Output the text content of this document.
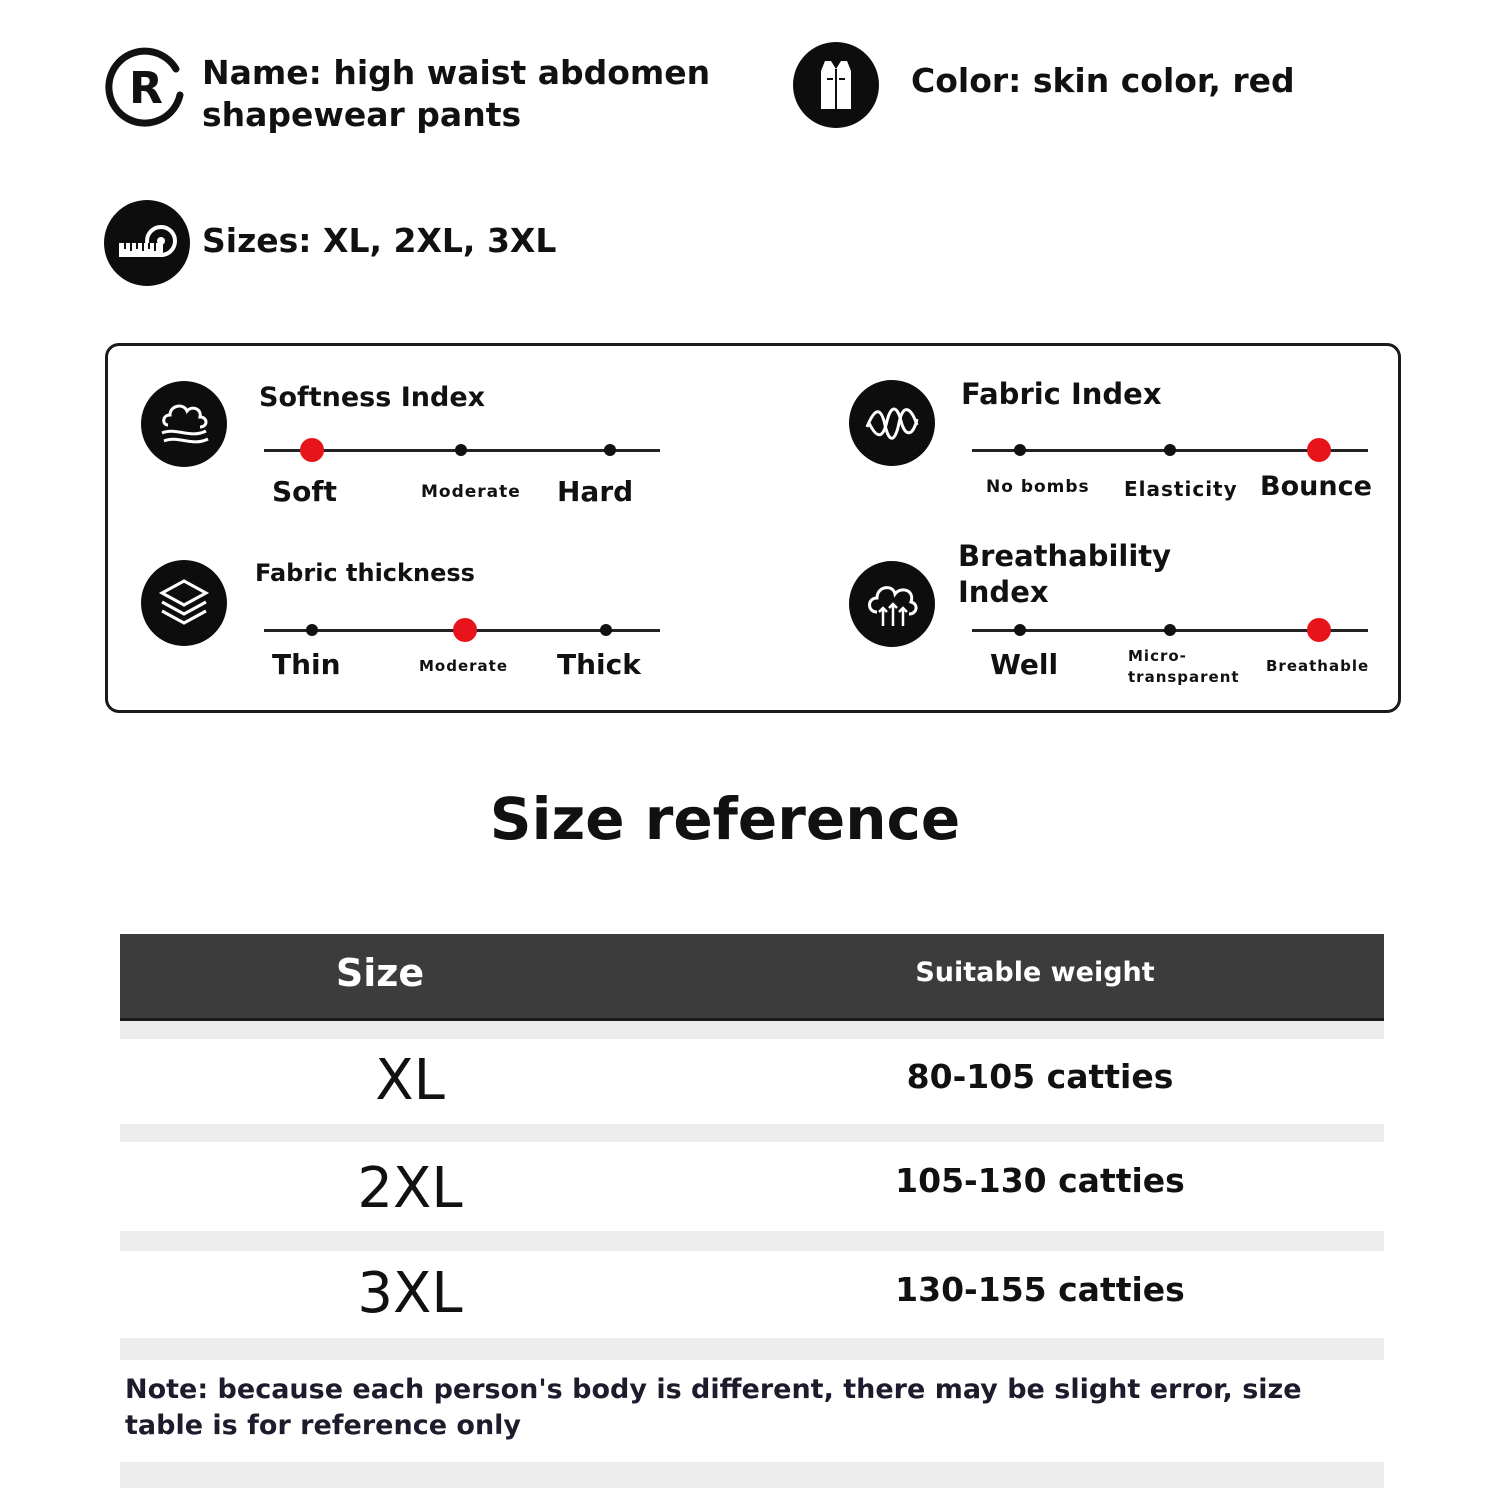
R Name: high waist abdomen
shapewear pants
Color: skin color, red
Sizes: XL, 2XL, 3XL
Softness Index
Soft	Moderate Hard
Fabric thickness
Thin	Moderate Thick
Fabric Index
No bombs Elasticity Bounce
Breathability
Index
Well	Micro-
transparent
Breathable
Size reference
Size	Suitable weight
XL	80-105 catties
2XL	105-130 catties
3XL	130-155 catties
Note: because each person's body is different, there may be slight error, size table is for reference only
